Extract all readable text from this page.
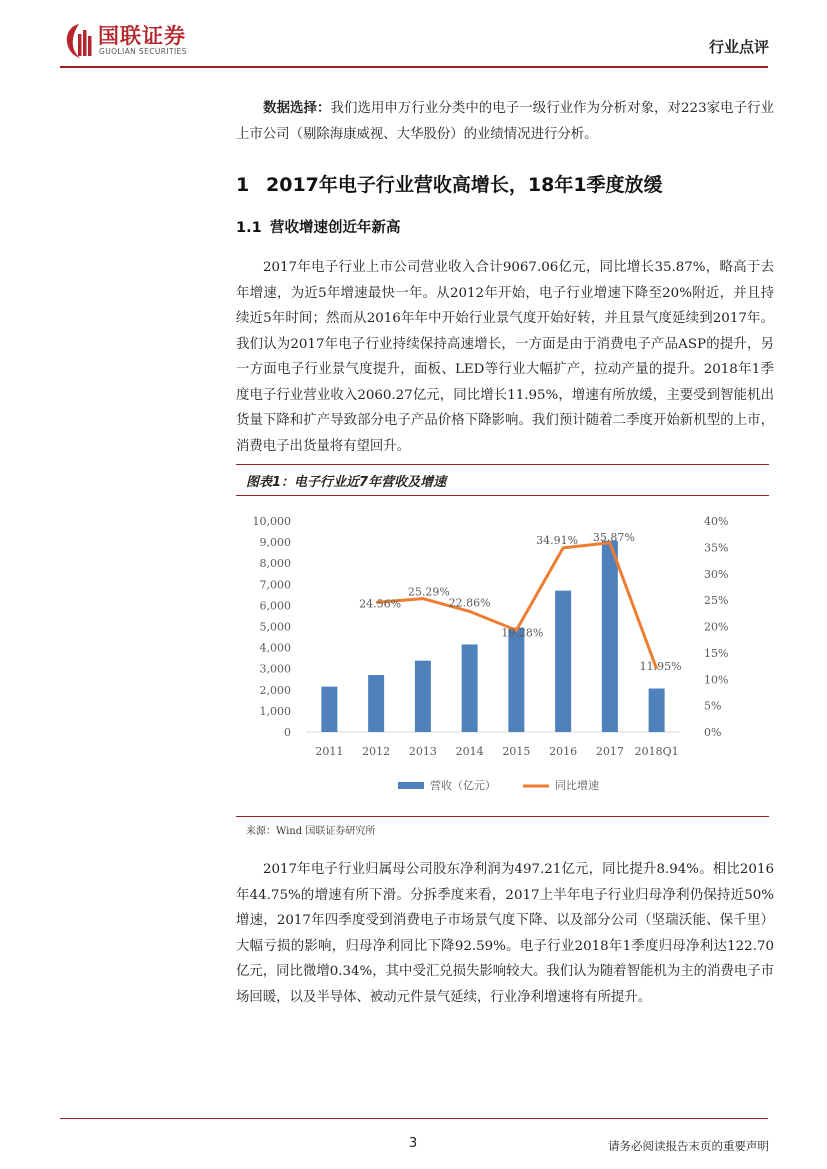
国联证券
GUOLIAN SECURITIES	行业点评
数据选择：我们选用申万行业分类中的电子一级行业作为分析对象，对223家电子行业上市公司（剔除海康威视、大华股份）的业绩情况进行分析。
1 2017年电子行业营收高增长，18年1季度放缓
1.1 营收增速创近年新高
2017年电子行业上市公司营业收入合计9067.06亿元，同比增长35.87%，略高于去年增速，为近5年增速最快一年。从2012年开始，电子行业增速下降至20%附近，并且持续近5年时间；然而从2016年年中开始行业景气度开始好转，并且景气度延续到2017年。我们认为2017年电子行业持续保持高速增长，一方面是由于消费电子产品ASP的提升，另一方面电子行业景气度提升，面板、LED等行业大幅扩产，拉动产量的提升。2018年1季度电子行业营业收入2060.27亿元，同比增长11.95%，增速有所放缓，主要受到智能机出货量下降和扩产导致部分电子产品价格下降影响。我们预计随着二季度开始新机型的上市，消费电子出货量将有望回升。
图表1：电子行业近7年营收及增速
0
1,000
2,000
3,000
4,000
5,000
6,000
7,000
8,000
9,000
10,000
0%
5%
10%
15%
20%
25%
30%
35%
40%
2011 2012 2013 2014 2015 2016 2017 2018Q1
24.56%
25.29%
22.86%
19.28%
34.91% 35.87%
11.95%
营收（亿元）	同比增速
来源：Wind 国联证券研究所
2017年电子行业归属母公司股东净利润为497.21亿元，同比提升8.94%。相比2016年44.75%的增速有所下滑。分拆季度来看，2017上半年电子行业归母净利仍保持近50%增速，2017年四季度受到消费电子市场景气度下降、以及部分公司（坚瑞沃能、保千里）大幅亏损的影响，归母净利同比下降92.59%。电子行业2018年1季度归母净利达122.70亿元，同比微增0.34%，其中受汇兑损失影响较大。我们认为随着智能机为主的消费电子市场回暖，以及半导体、被动元件景气延续，行业净利增速将有所提升。
3	请务必阅读报告末页的重要声明
